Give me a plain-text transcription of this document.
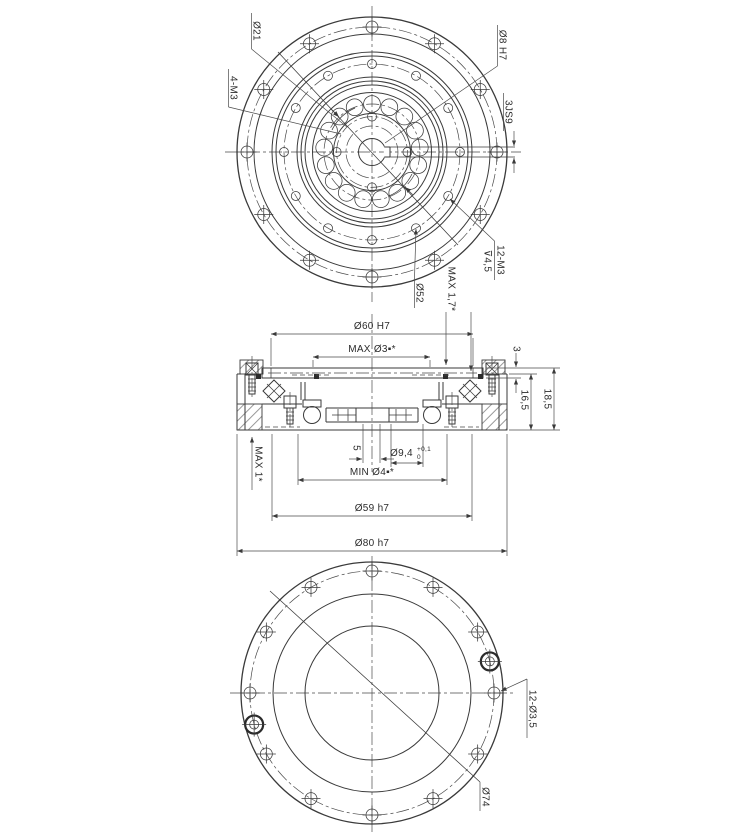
Ø21
4-M3
Ø8 H7
3JS9
12-M3
⊽4,5
Ø52
Ø60 H7
MAX Ø3▪*
MAX 1,7*
3
16,5 18,5
5	Ø9,4 +0,1
0
MIN Ø4▪*
Ø59 h7
Ø80 h7
MAX 1*
12-Ø3,5
Ø74
